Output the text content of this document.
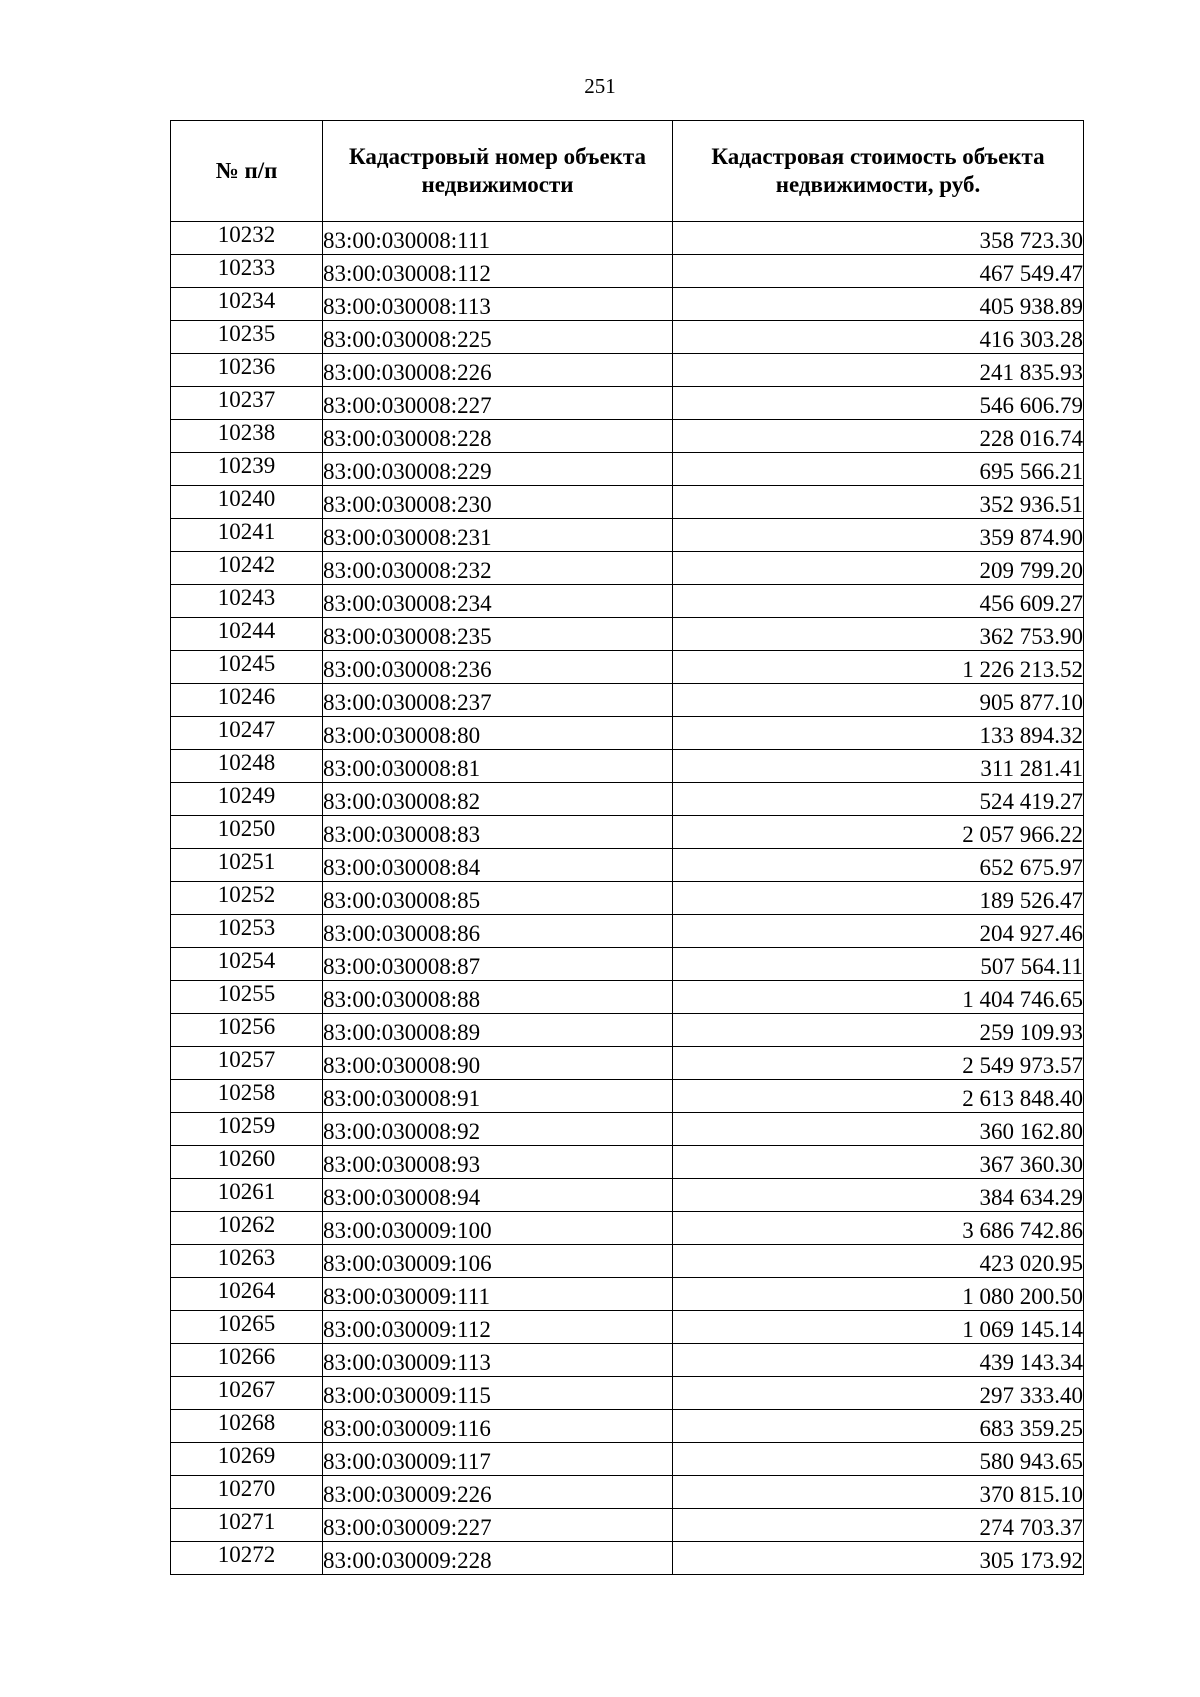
251
№ п/п	Кадастровый номер объекта недвижимости	Кадастровая стоимость объекта недвижимости, руб.
10232	83:00:030008:111	358 723.30
10233	83:00:030008:112	467 549.47
10234	83:00:030008:113	405 938.89
10235	83:00:030008:225	416 303.28
10236	83:00:030008:226	241 835.93
10237	83:00:030008:227	546 606.79
10238	83:00:030008:228	228 016.74
10239	83:00:030008:229	695 566.21
10240	83:00:030008:230	352 936.51
10241	83:00:030008:231	359 874.90
10242	83:00:030008:232	209 799.20
10243	83:00:030008:234	456 609.27
10244	83:00:030008:235	362 753.90
10245	83:00:030008:236	1 226 213.52
10246	83:00:030008:237	905 877.10
10247	83:00:030008:80	133 894.32
10248	83:00:030008:81	311 281.41
10249	83:00:030008:82	524 419.27
10250	83:00:030008:83	2 057 966.22
10251	83:00:030008:84	652 675.97
10252	83:00:030008:85	189 526.47
10253	83:00:030008:86	204 927.46
10254	83:00:030008:87	507 564.11
10255	83:00:030008:88	1 404 746.65
10256	83:00:030008:89	259 109.93
10257	83:00:030008:90	2 549 973.57
10258	83:00:030008:91	2 613 848.40
10259	83:00:030008:92	360 162.80
10260	83:00:030008:93	367 360.30
10261	83:00:030008:94	384 634.29
10262	83:00:030009:100	3 686 742.86
10263	83:00:030009:106	423 020.95
10264	83:00:030009:111	1 080 200.50
10265	83:00:030009:112	1 069 145.14
10266	83:00:030009:113	439 143.34
10267	83:00:030009:115	297 333.40
10268	83:00:030009:116	683 359.25
10269	83:00:030009:117	580 943.65
10270	83:00:030009:226	370 815.10
10271	83:00:030009:227	274 703.37
10272	83:00:030009:228	305 173.92
